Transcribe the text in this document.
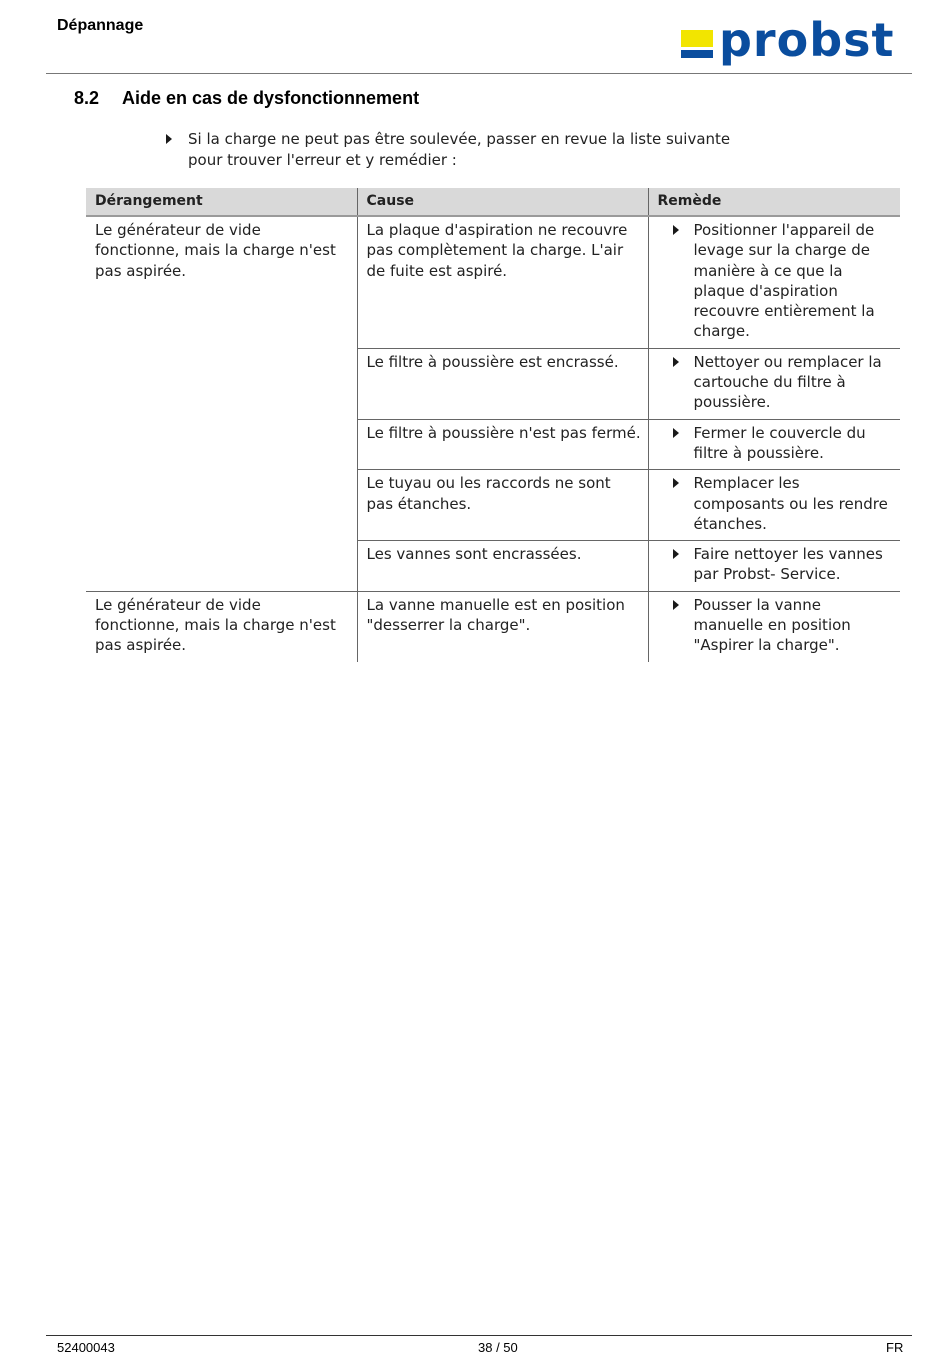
Dépannage	probst
8.2 Aide en cas de dysfonctionnement
Si la charge ne peut pas être soulevée, passer en revue la liste suivante pour trouver l'erreur et y remédier :
Dérangement	Cause	Remède
Le générateur de vide fonctionne, mais la charge n'est pas aspirée.	La plaque d'aspiration ne recouvre pas complètement la charge. L'air de fuite est aspiré.	Positionner l'appareil de levage sur la charge de manière à ce que la plaque d'aspiration recouvre entièrement la charge.
	Le filtre à poussière est encrassé.	Nettoyer ou remplacer la cartouche du filtre à poussière.
	Le filtre à poussière n'est pas fermé.	Fermer le couvercle du filtre à poussière.
	Le tuyau ou les raccords ne sont pas étanches.	Remplacer les composants ou les rendre étanches.
	Les vannes sont encrassées.	Faire nettoyer les vannes par Probst- Service.
Le générateur de vide fonctionne, mais la charge n'est pas aspirée.	La vanne manuelle est en position "desserrer la charge".	Pousser la vanne manuelle en position "Aspirer la charge".
52400043	38 / 50	FR
